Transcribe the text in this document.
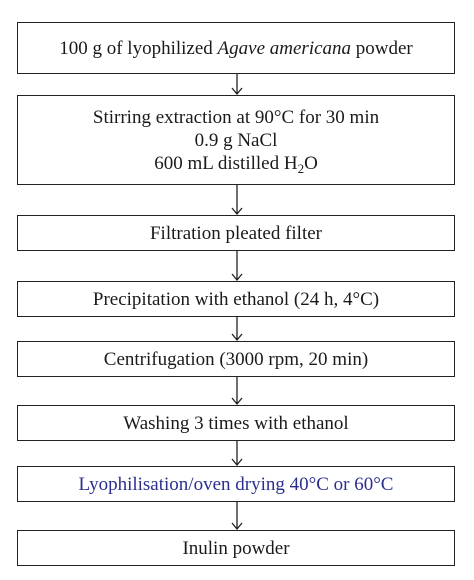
100 g of lyophilized Agave americana powder
Stirring extraction at 90°C for 30 min
0.9 g NaCl
600 mL distilled $H_2O$
Filtration pleated filter
Precipitation with ethanol (24 h, 4°C)
Centrifugation (3000 rpm, 20 min)
Washing 3 times with ethanol
Lyophilisation/oven drying 40°C or 60°C
Inulin powder
